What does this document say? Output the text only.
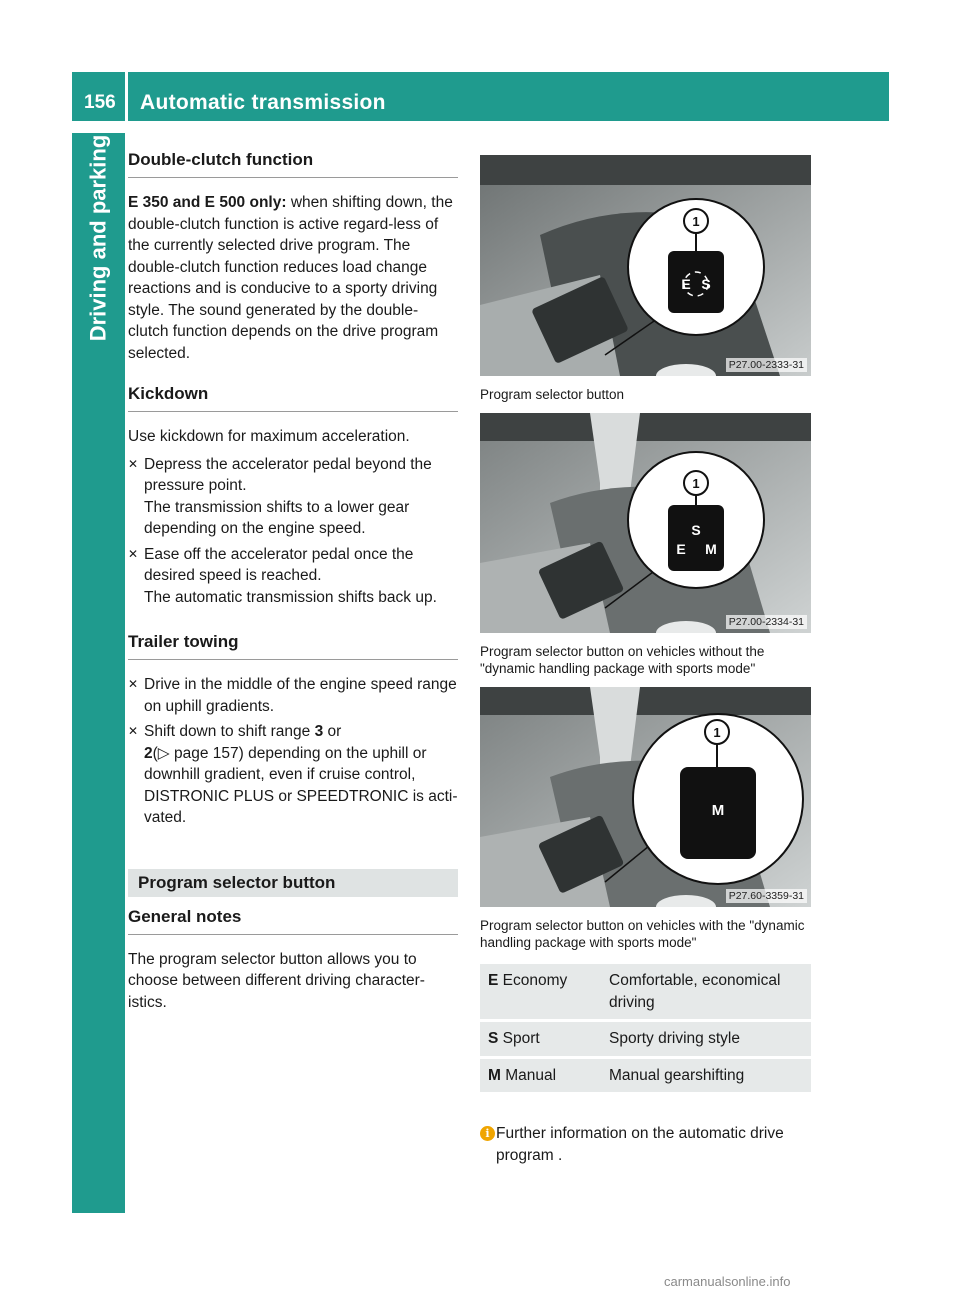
156	Automatic transmission
Driving and parking Double-clutch function

E 350 and E 500 only: when shifting down, the double-clutch function is active regard-less of the currently selected drive program. The double-clutch function reduces load change reactions and is conducive to a sporty driving style. The sound generated by the double-clutch function depends on the drive program selected.

Kickdown

Use kickdown for maximum acceleration.

✕ Depress the accelerator pedal beyond the pressure point.
The transmission shifts to a lower gear depending on the engine speed.
✕ Ease off the accelerator pedal once the desired speed is reached.
The automatic transmission shifts back up.
Trailer towing
✕ Drive in the middle of the engine speed range on uphill gradients.
✕ Shift down to shift range 3 or
2(▷ page 157) depending on the uphill or downhill gradient, even if cruise control, DISTRONIC PLUS or SPEEDTRONIC is acti-vated.
Program selector button
General notes

The program selector button allows you to choose between different driving character-istics.

1
E S
P27.00-2333-31
Program selector button
1
S
E M
P27.00-2334-31
Program selector button on vehicles without the "dynamic handling package with sports mode"
1
M
P27.60-3359-31
Program selector button on vehicles with the "dynamic handling package with sports mode"
E Economy	Comfortable, economical driving
S Sport	Sporty driving style
M Manual	Manual gearshifting
i Further information on the automatic drive program .
carmanualsonline.info
